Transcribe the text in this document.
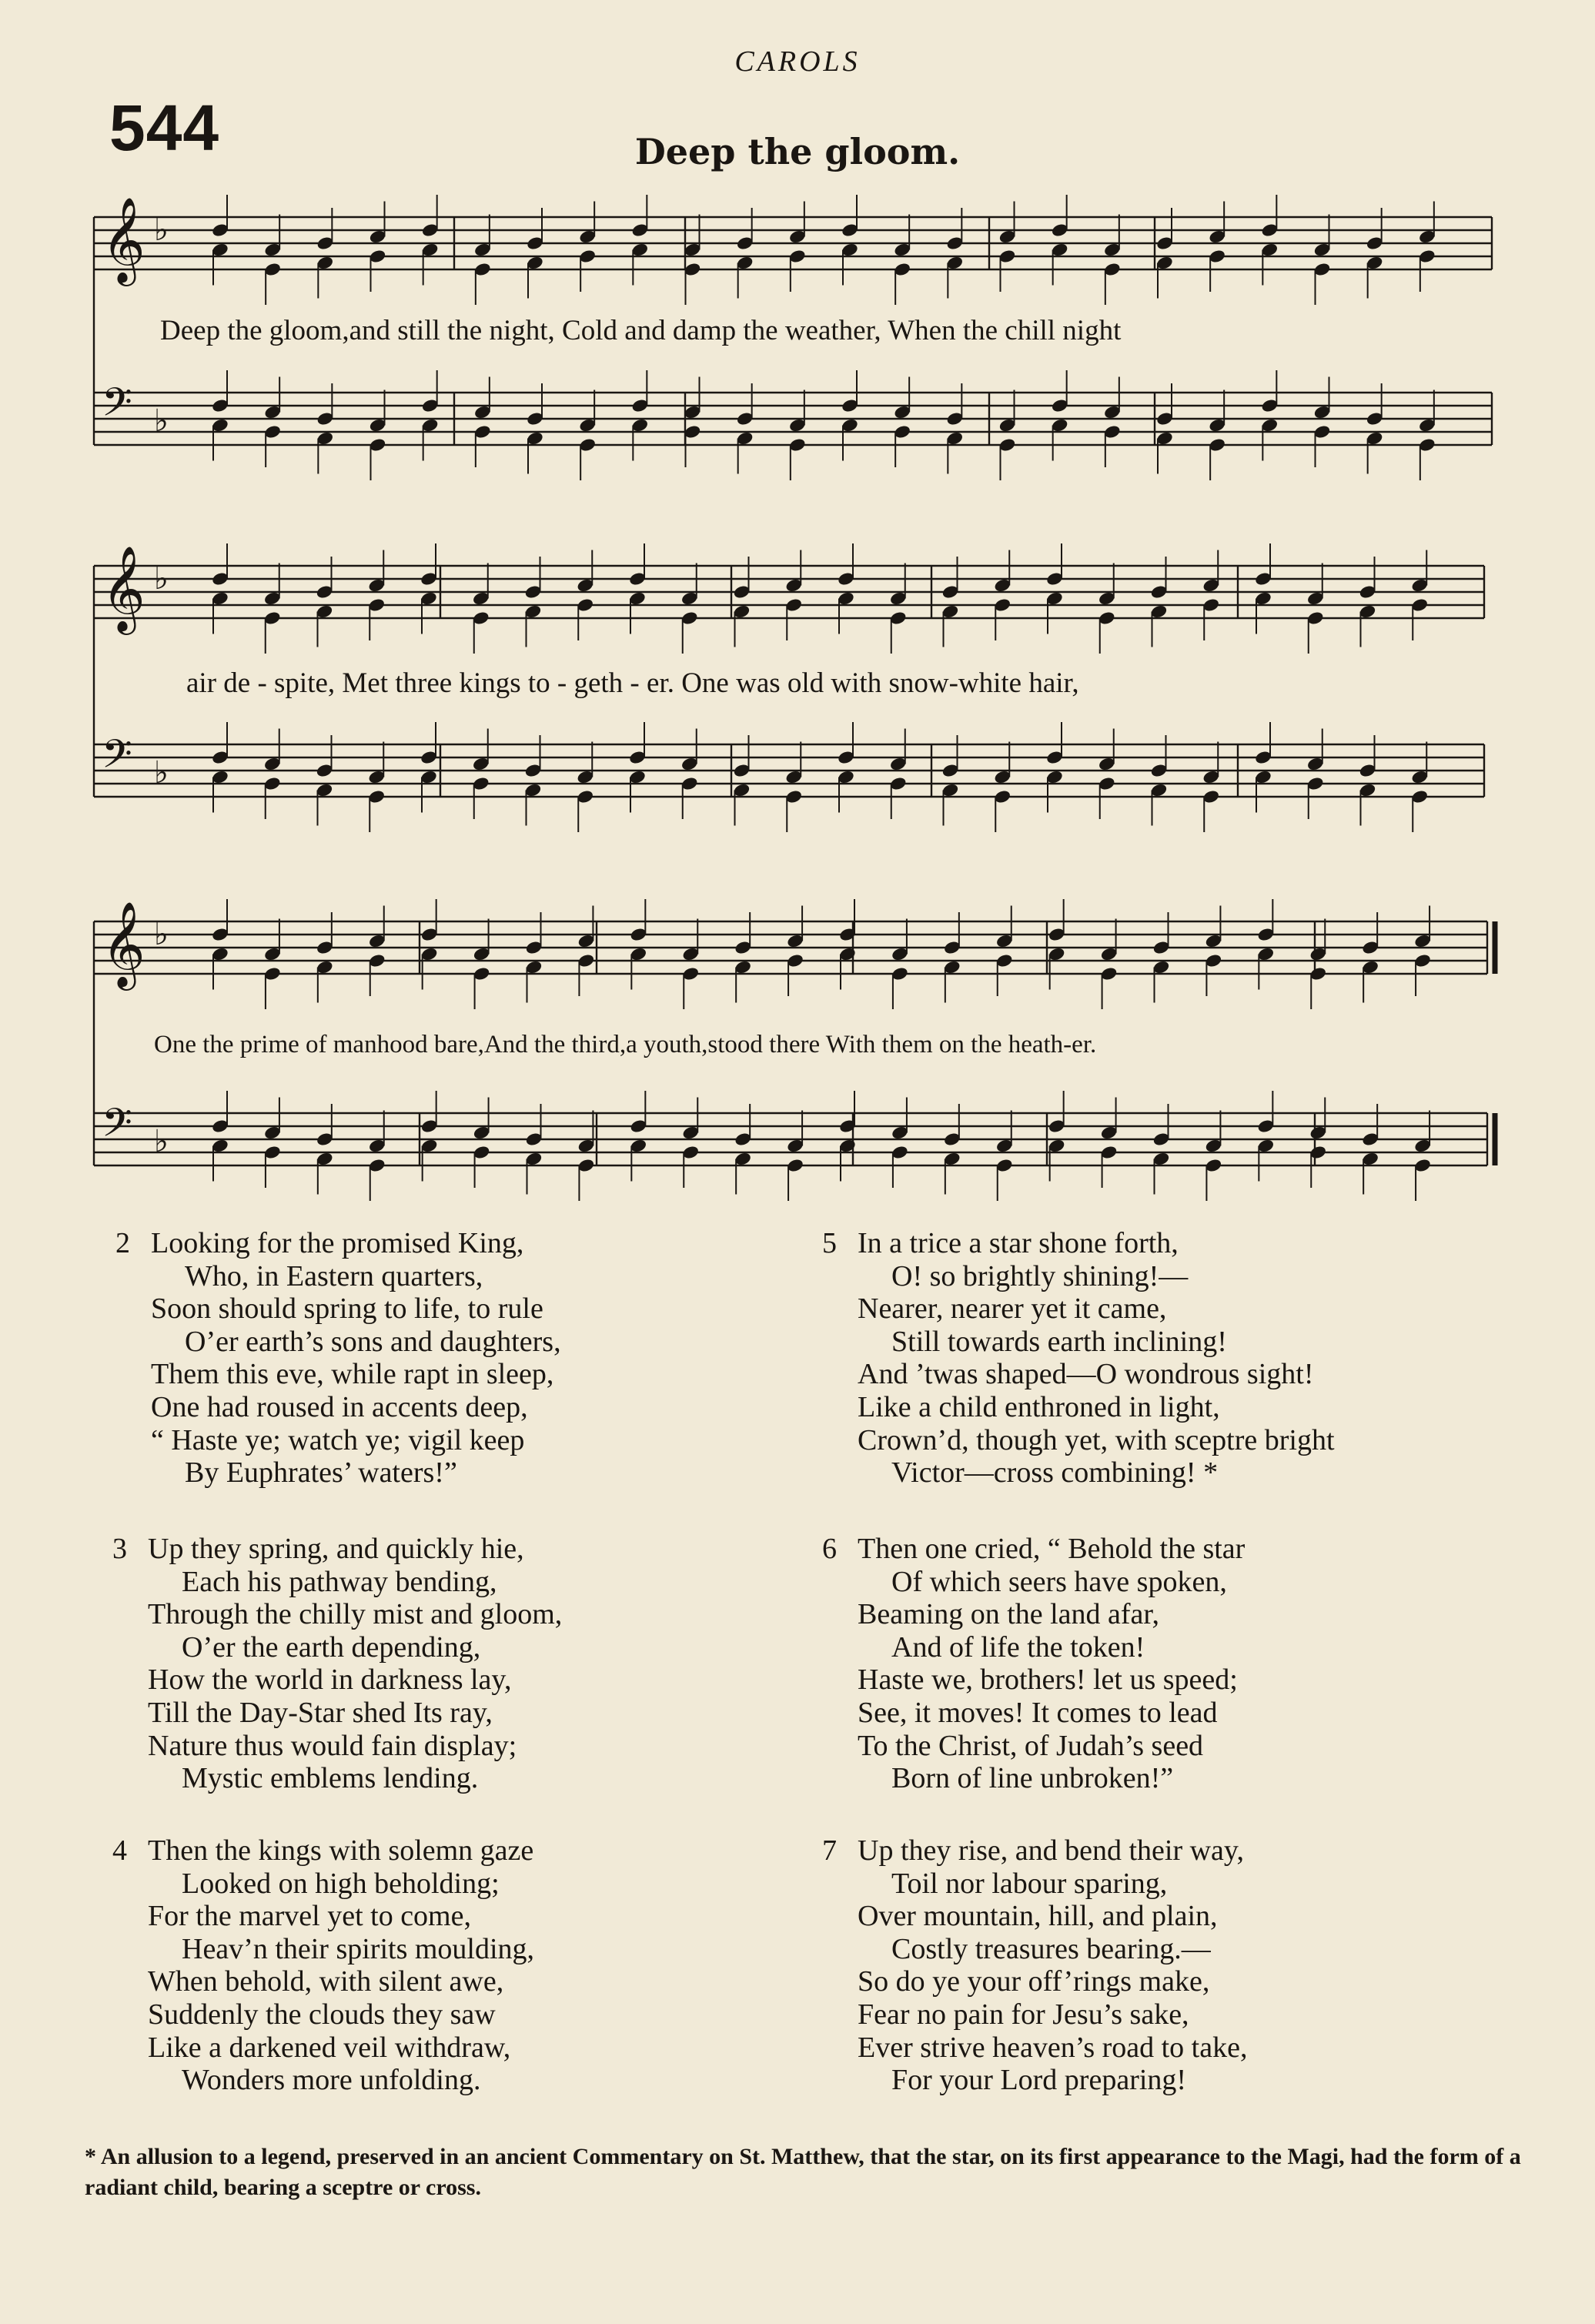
CAROLS
544	Deep the gloom.
𝄞 ♭
𝄢 ♭
𝄞 ♭
𝄢 ♭
𝄞 ♭
𝄢 ♭
Deep the gloom,and still the night, Cold and damp the weather, When the chill night
air de - spite, Met three kings to - geth - er. One was old with snow-white hair,
One the prime of manhood bare,And the third,a youth,stood there With them on the heath-er.
2 Looking for the promised King,
Who, in Eastern quarters,
Soon should spring to life, to rule
O’er earth’s sons and daughters,
Them this eve, while rapt in sleep,
One had roused in accents deep,
“ Haste ye; watch ye; vigil keep
By Euphrates’ waters!”
3 Up they spring, and quickly hie,
Each his pathway bending,
Through the chilly mist and gloom,
O’er the earth depending,
How the world in darkness lay,
Till the Day-Star shed Its ray,
Nature thus would fain display;
Mystic emblems lending.
4 Then the kings with solemn gaze
Looked on high beholding;
For the marvel yet to come,
Heav’n their spirits moulding,
When behold, with silent awe,
Suddenly the clouds they saw
Like a darkened veil withdraw,
Wonders more unfolding.
5 In a trice a star shone forth,
O! so brightly shining!—
Nearer, nearer yet it came,
Still towards earth inclining!
And ’twas shaped—O wondrous sight!
Like a child enthroned in light,
Crown’d, though yet, with sceptre bright
Victor—cross combining! *
6 Then one cried, “ Behold the star
Of which seers have spoken,
Beaming on the land afar,
And of life the token!
Haste we, brothers! let us speed;
See, it moves! It comes to lead
To the Christ, of Judah’s seed
Born of line unbroken!”
7 Up they rise, and bend their way,
Toil nor labour sparing,
Over mountain, hill, and plain,
Costly treasures bearing.—
So do ye your off’rings make,
Fear no pain for Jesu’s sake,
Ever strive heaven’s road to take,
For your Lord preparing!
* An allusion to a legend, preserved in an ancient Commentary on St. Matthew, that the star, on its first appearance to the Magi, had the form of a radiant child, bearing a sceptre or cross.
